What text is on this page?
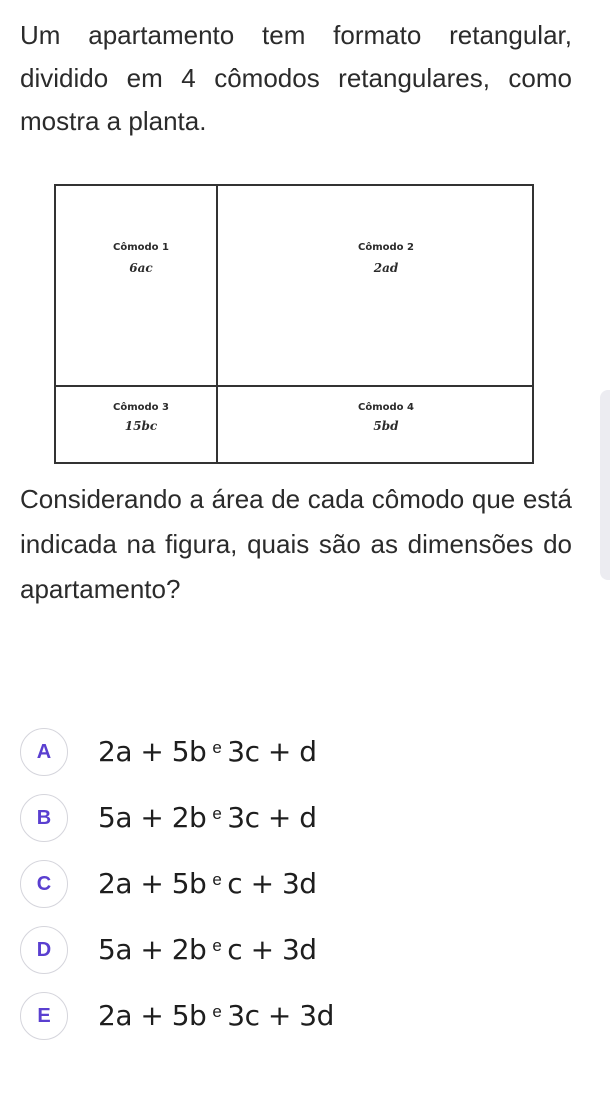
Um apartamento tem formato retangular, dividido em 4 cômodos retangulares, como mostra a planta.
Cômodo 1
6ac
Cômodo 2
2ad
Cômodo 3
15bc
Cômodo 4
5bd
Considerando a área de cada cômodo que está indicada na figura, quais são as dimensões do apartamento?
A	2a + 5b $^e$ 3c + d
B	5a + 2b $^e$ 3c + d
C	2a + 5b $^e$ c + 3d
D	5a + 2b $^e$ c + 3d
E	2a + 5b $^e$ 3c + 3d
